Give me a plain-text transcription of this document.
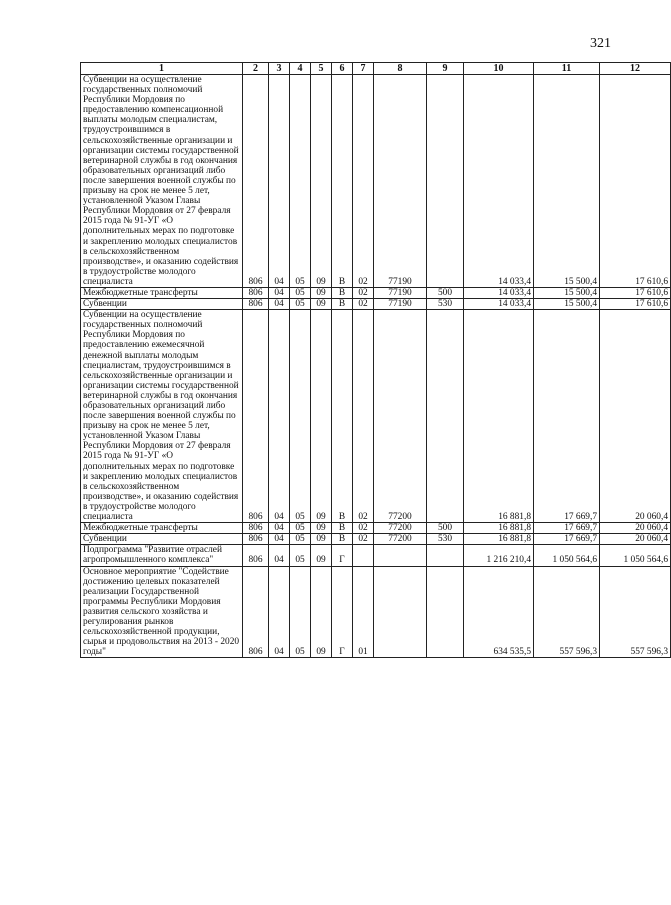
321
1	2	3	4	5	6	7	8	9	10	11	12
Субвенции на осуществление государственных полномочий Республики Мордовия по предоставлению компенсационной выплаты молодым специалистам, трудоустроившимся в сельскохозяйственные организации и организации системы государственной ветеринарной службы в год окончания образовательных организаций либо после завершения военной службы по призыву на срок не менее 5 лет, установленной Указом Главы Республики Мордовия от 27 февраля 2015 года № 91-УГ «О дополнительных мерах по подготовке и закреплению молодых специалистов в сельскохозяйственном производстве», и оказанию содействия в трудоустройстве молодого специалиста	806	04	05	09	В	02	77190		14 033,4	15 500,4	17 610,6
Межбюджетные трансферты	806	04	05	09	В	02	77190	500	14 033,4	15 500,4	17 610,6
Субвенции	806	04	05	09	В	02	77190	530	14 033,4	15 500,4	17 610,6
Субвенции на осуществление государственных полномочий Республики Мордовия по предоставлению ежемесячной денежной выплаты молодым специалистам, трудоустроившимся в сельскохозяйственные организации и организации системы государственной ветеринарной службы в год окончания образовательных организаций либо после завершения военной службы по призыву на срок не менее 5 лет, установленной Указом Главы Республики Мордовия от 27 февраля 2015 года № 91-УГ «О дополнительных мерах по подготовке и закреплению молодых специалистов в сельскохозяйственном производстве», и оказанию содействия в трудоустройстве молодого специалиста	806	04	05	09	В	02	77200		16 881,8	17 669,7	20 060,4
Межбюджетные трансферты	806	04	05	09	В	02	77200	500	16 881,8	17 669,7	20 060,4
Субвенции	806	04	05	09	В	02	77200	530	16 881,8	17 669,7	20 060,4
Подпрограмма "Развитие отраслей агропромышленного комплекса"	806	04	05	09	Г				1 216 210,4	1 050 564,6	1 050 564,6
Основное мероприятие "Содействие достижению целевых показателей реализации Государственной программы Республики Мордовия развития сельского хозяйства и регулирования рынков сельскохозяйственной продукции, сырья и продовольствия на 2013 - 2020 годы"	806	04	05	09	Г	01			634 535,5	557 596,3	557 596,3
